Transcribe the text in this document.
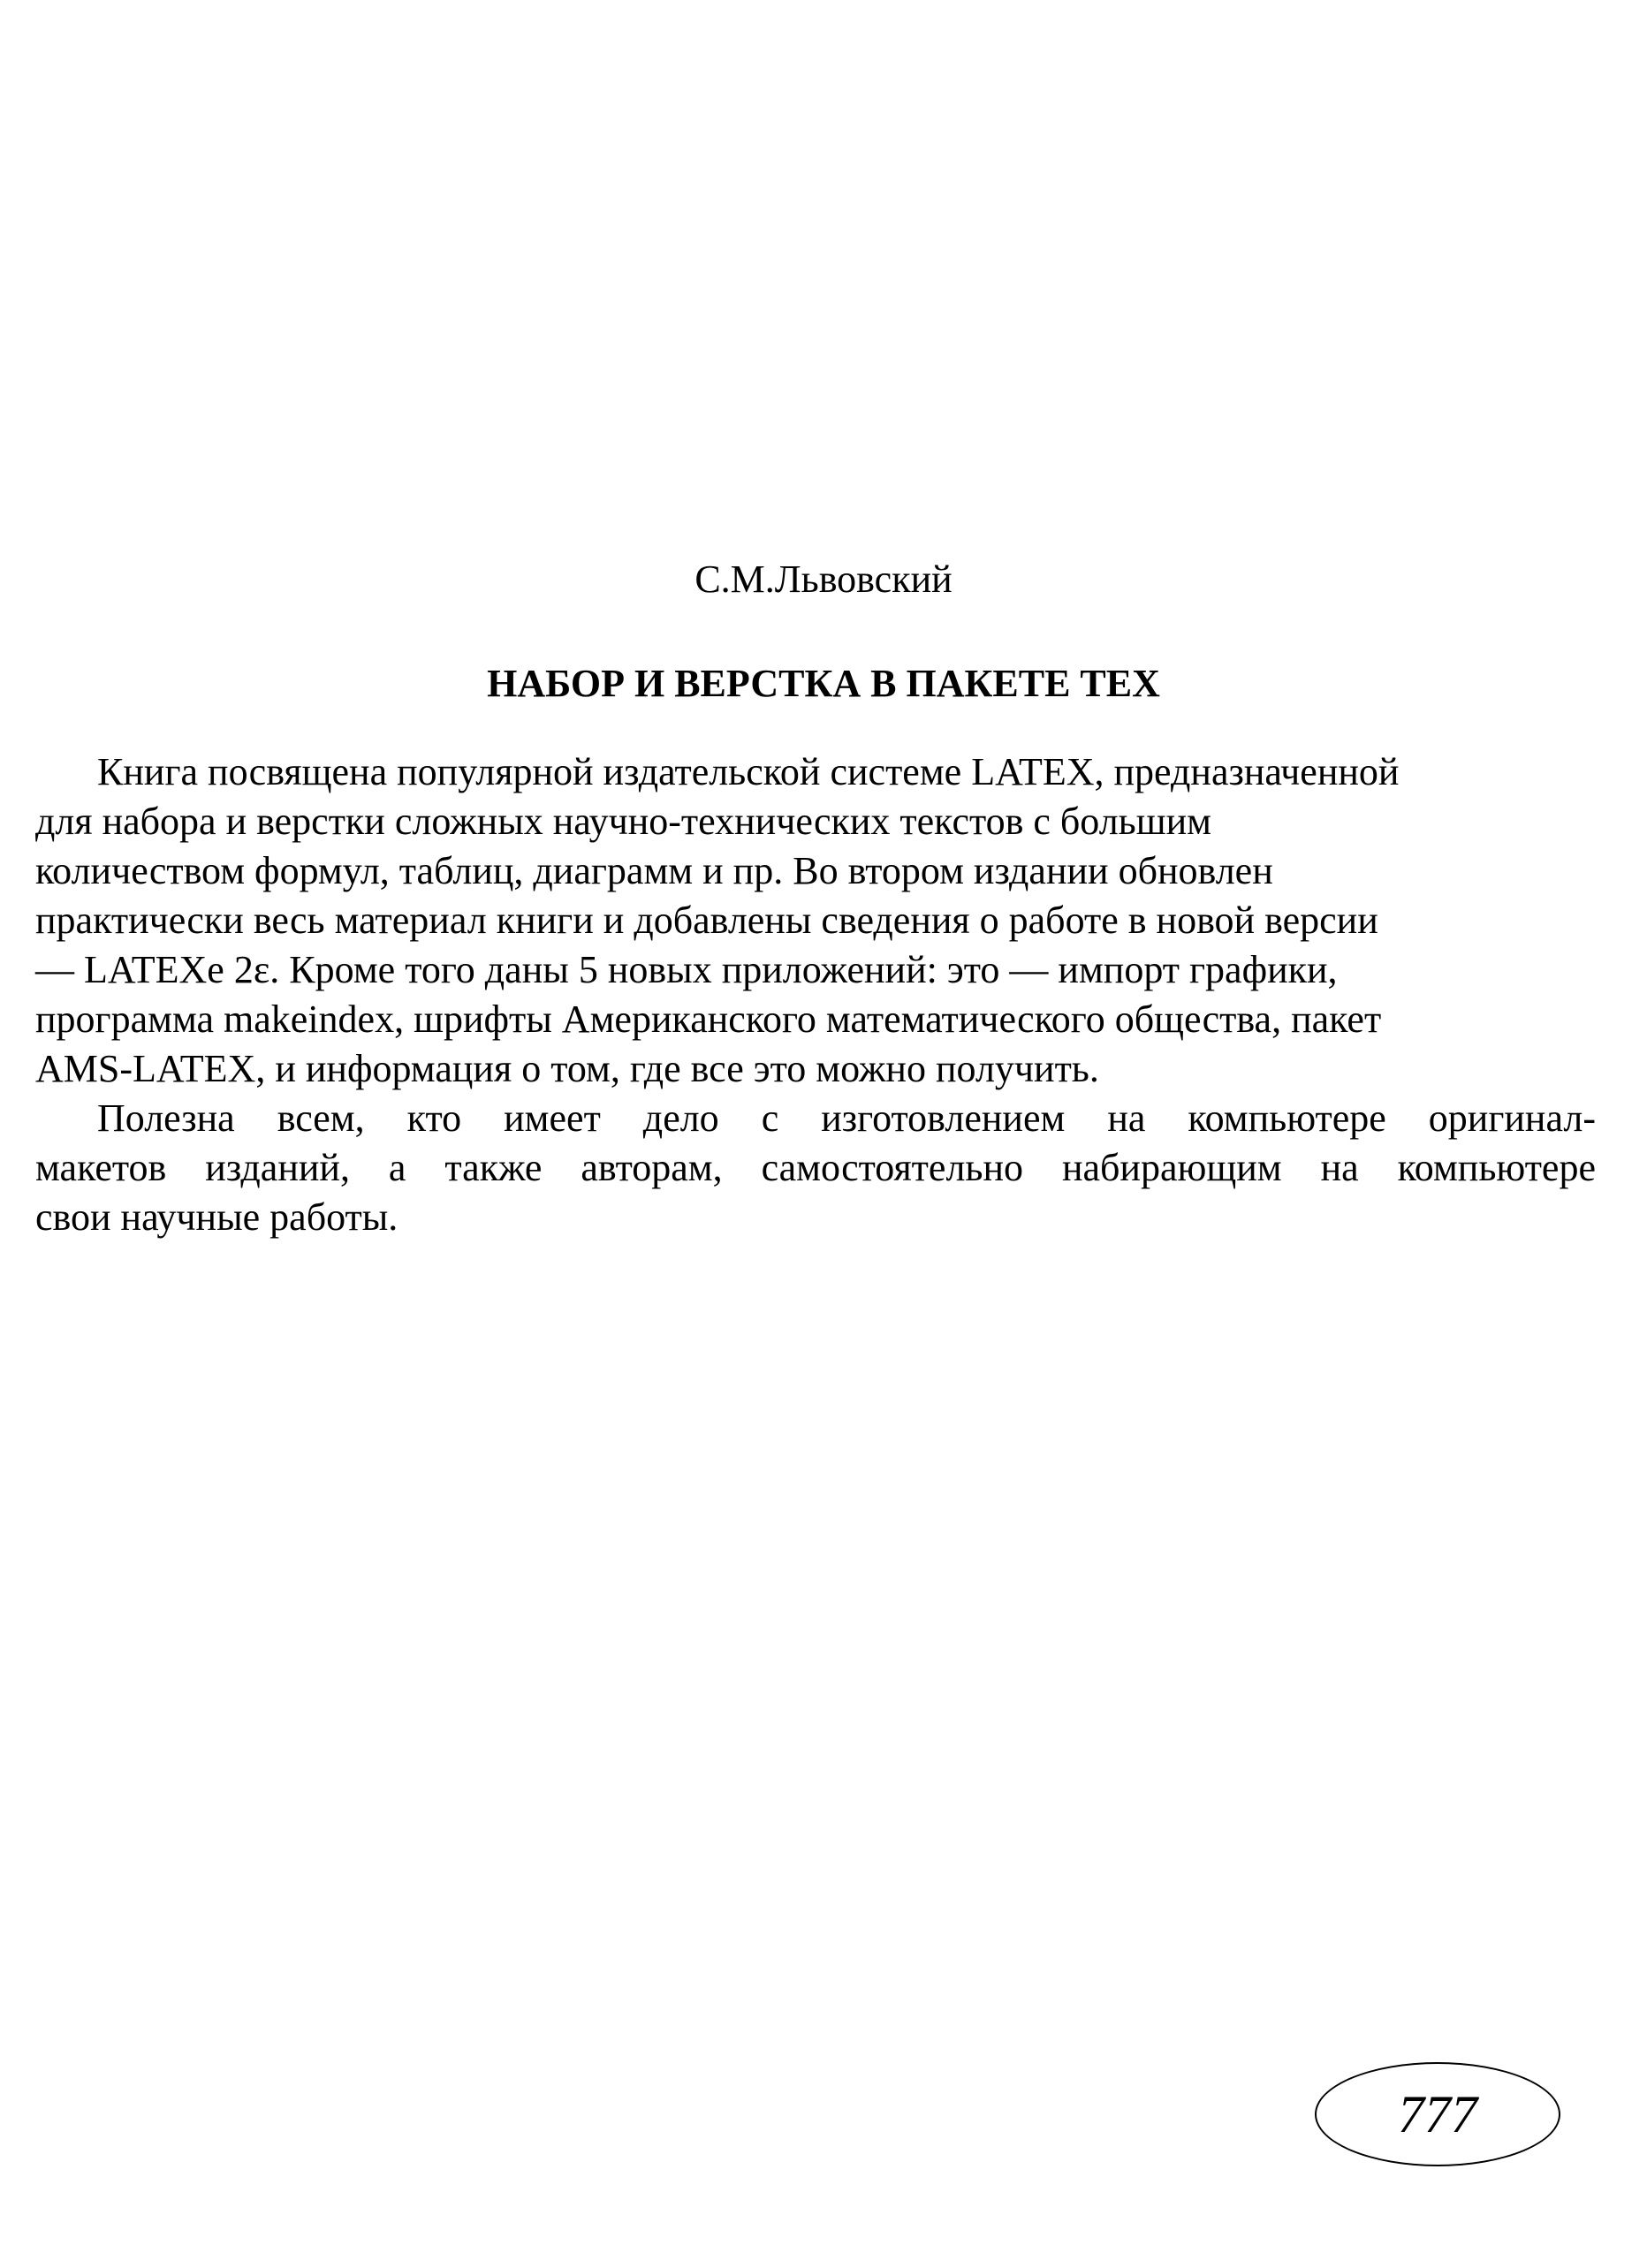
С.М.Львовский
НАБОР И ВЕРСТКА В ПАКЕТЕ ТЕХ
Книга посвящена популярной издательской системе LATEX, предназначенной
для набора и верстки сложных научно-технических текстов с большим
количеством формул, таблиц, диаграмм и пр. Во втором издании обновлен
практически весь материал книги и добавлены сведения о работе в новой версии
— LATEXe 2ε. Кроме того даны 5 новых приложений: это — импорт графики,
программа makeindex, шрифты Американского математического общества, пакет
AMS-LATEX, и информация о том, где все это можно получить.
Полезна всем, кто имеет дело с изготовлением на компьютере оригинал-
макетов изданий, а также авторам, самостоятельно набирающим на компьютере
свои научные работы.
777
